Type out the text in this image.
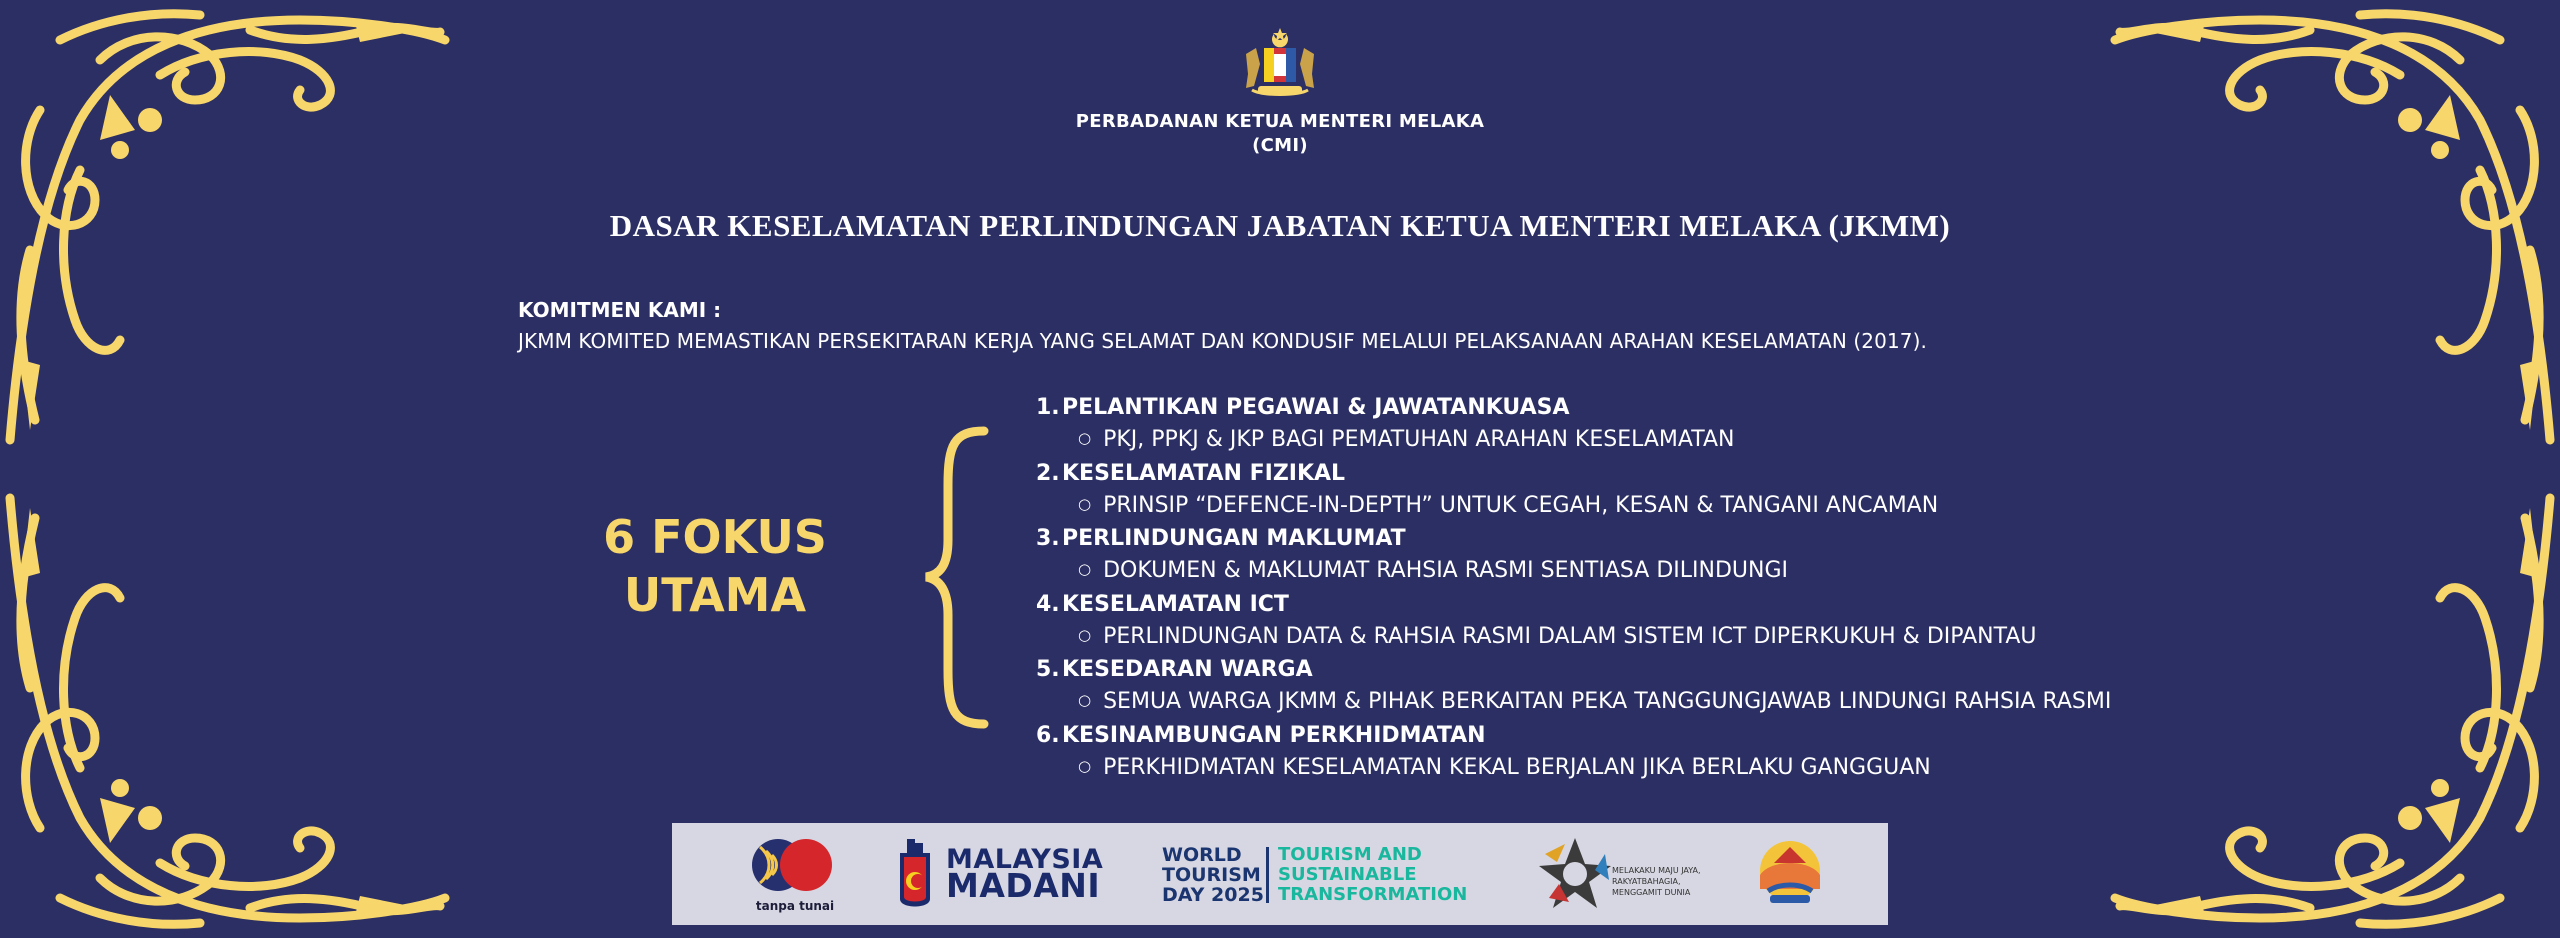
PERBADANAN KETUA MENTERI MELAKA
(CMI)
DASAR KESELAMATAN PERLINDUNGAN JABATAN KETUA MENTERI MELAKA (JKMM)
KOMITMEN KAMI :
JKMM KOMITED MEMASTIKAN PERSEKITARAN KERJA YANG SELAMAT DAN KONDUSIF MELALUI PELAKSANAAN ARAHAN KESELAMATAN (2017).
6 FOKUS
UTAMA
1. PELANTIKAN PEGAWAI & JAWATANKUASA
○ PKJ, PPKJ & JKP BAGI PEMATUHAN ARAHAN KESELAMATAN
2. KESELAMATAN FIZIKAL
○ PRINSIP “DEFENCE-IN-DEPTH” UNTUK CEGAH, KESAN & TANGANI ANCAMAN
3. PERLINDUNGAN MAKLUMAT
○ DOKUMEN & MAKLUMAT RAHSIA RASMI SENTIASA DILINDUNGI
4. KESELAMATAN ICT
○ PERLINDUNGAN DATA & RAHSIA RASMI DALAM SISTEM ICT DIPERKUKUH & DIPANTAU
5. KESEDARAN WARGA
○ SEMUA WARGA JKMM & PIHAK BERKAITAN PEKA TANGGUNGJAWAB LINDUNGI RAHSIA RASMI
6. KESINAMBUNGAN PERKHIDMATAN
○ PERKHIDMATAN KESELAMATAN KEKAL BERJALAN JIKA BERLAKU GANGGUAN
tanpa tunai
MALAYSIA
MADANI
WORLD
TOURISM
DAY 2025
TOURISM AND
SUSTAINABLE
TRANSFORMATION
MELAKAKU MAJU JAYA,
RAKYATBAHAGIA,
MENGGAMIT DUNIA
